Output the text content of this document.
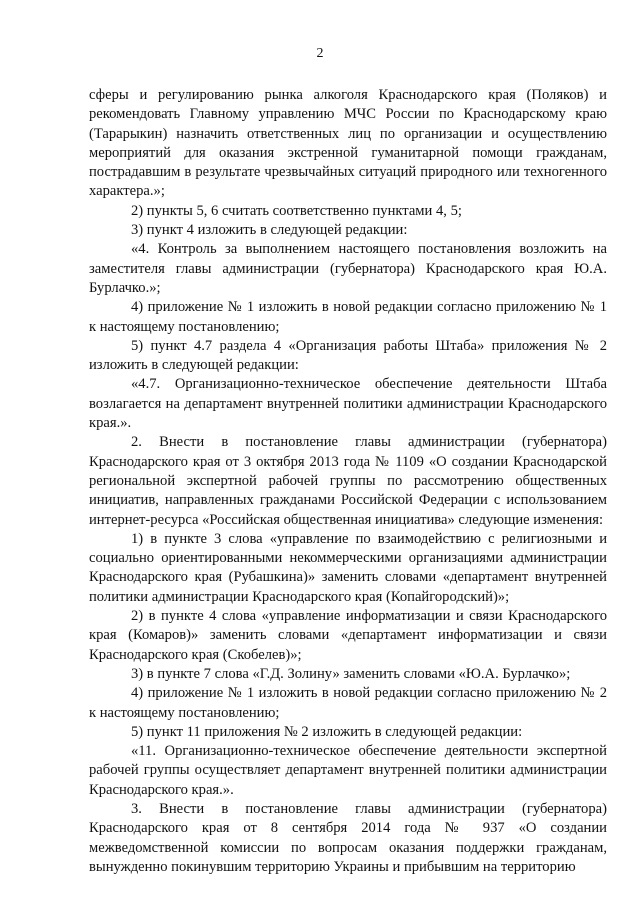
2

сферы и регулированию рынка алкоголя Краснодарского края (Поляков) и рекомендовать Главному управлению МЧС России по Краснодарскому краю (Тарарыкин) назначить ответственных лиц по организации и осуществлению мероприятий для оказания экстренной гуманитарной помощи гражданам, пострадавшим в результате чрезвычайных ситуаций природного или техногенного характера.»;

2) пункты 5, 6 считать соответственно пунктами 4, 5;

3) пункт 4 изложить в следующей редакции:

«4. Контроль за выполнением настоящего постановления возложить на заместителя главы администрации (губернатора) Краснодарского края Ю.А. Бурлачко.»;

4) приложение № 1 изложить в новой редакции согласно приложению № 1 к настоящему постановлению;

5) пункт 4.7 раздела 4 «Организация работы Штаба» приложения № 2 изложить в следующей редакции:

«4.7. Организационно-техническое обеспечение деятельности Штаба возлагается на департамент внутренней политики администрации Краснодарского края.».

2. Внести в постановление главы администрации (губернатора) Краснодарского края от 3 октября 2013 года № 1109 «О создании Краснодарской региональной экспертной рабочей группы по рассмотрению общественных инициатив, направленных гражданами Российской Федерации с использованием интернет-ресурса «Российская общественная инициатива» следующие изменения:

1) в пункте 3 слова «управление по взаимодействию с религиозными и социально ориентированными некоммерческими организациями администрации Краснодарского края (Рубашкина)» заменить словами «департамент внутренней политики администрации Краснодарского края (Копайгородский)»;

2) в пункте 4 слова «управление информатизации и связи Краснодарского края (Комаров)» заменить словами «департамент информатизации и связи Краснодарского края (Скобелев)»;

3) в пункте 7 слова «Г.Д. Золину» заменить словами «Ю.А. Бурлачко»;

4) приложение № 1 изложить в новой редакции согласно приложению № 2 к настоящему постановлению;

5) пункт 11 приложения № 2 изложить в следующей редакции:

«11. Организационно-техническое обеспечение деятельности экспертной рабочей группы осуществляет департамент внутренней политики администрации Краснодарского края.».

3. Внести в постановление главы администрации (губернатора) Краснодарского края от 8 сентября 2014 года № 937 «О создании межведомственной комиссии по вопросам оказания поддержки гражданам, вынужденно покинувшим территорию Украины и прибывшим на территорию
